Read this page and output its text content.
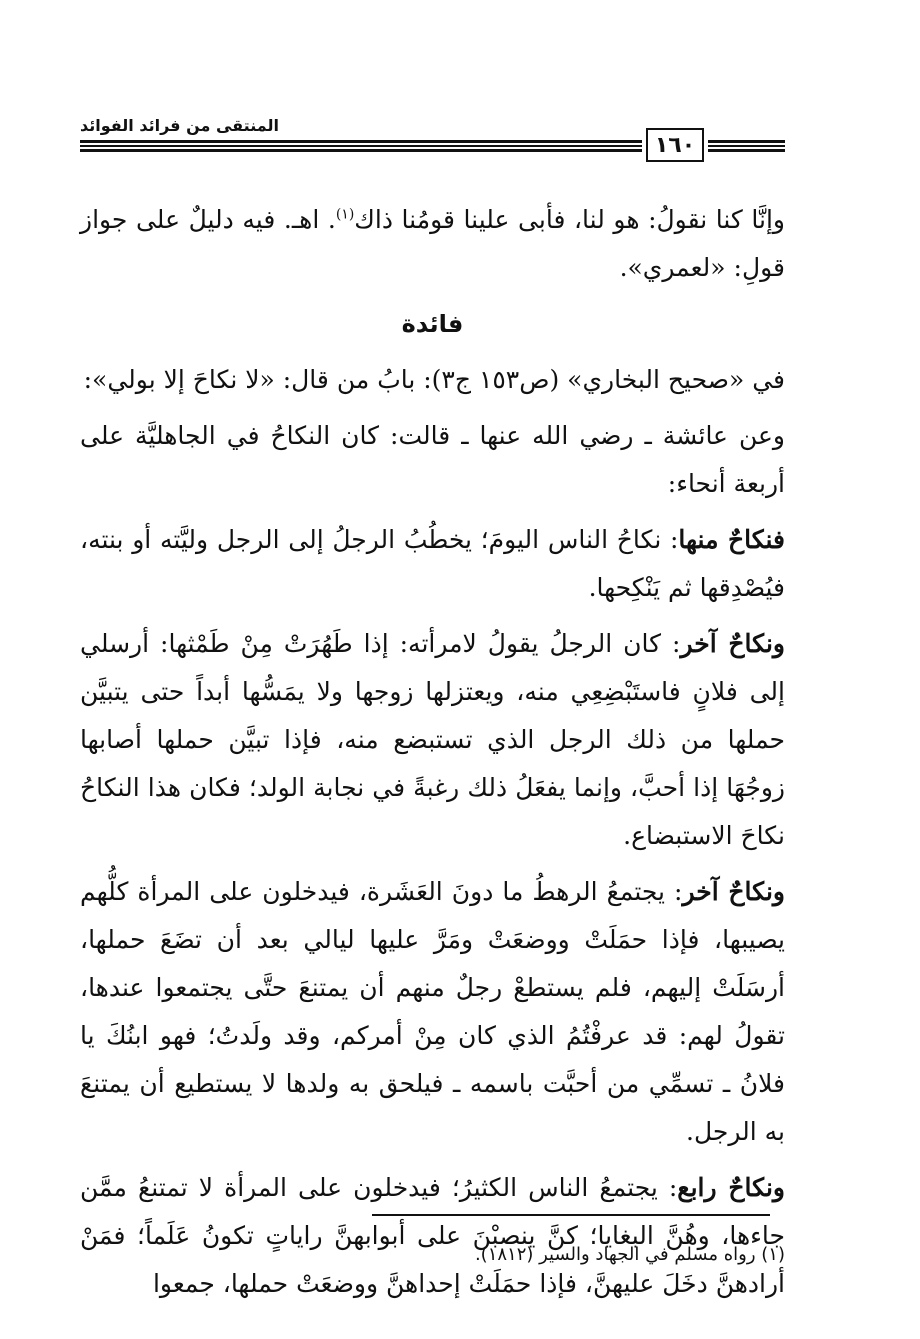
المنتقى من فرائد الفوائد
١٦٠

وإنَّا كنا نقولُ: هو لنا، فأبى علينا قومُنا ذاك$^{(١)}$. اهـ. فيه دليلٌ على جواز قولِ: «لعمري».

فائدة

في «صحيح البخاري» (ص١٥٣ ج٣): بابُ من قال: «لا نكاحَ إلا بولي»:

وعن عائشة ـ رضي الله عنها ـ قالت: كان النكاحُ في الجاهليَّة على أربعة أنحاء:

فنكاحٌ منها: نكاحُ الناس اليومَ؛ يخطُبُ الرجلُ إلى الرجل وليَّته أو بنته، فيُصْدِقها ثم يَنْكِحها.

ونكاحٌ آخر: كان الرجلُ يقولُ لامرأته: إذا طَهُرَتْ مِنْ طَمْثها: أرسلي إلى فلانٍ فاستَبْضِعِي منه، ويعتزلها زوجها ولا يمَسُّها أبداً حتى يتبيَّن حملها من ذلك الرجل الذي تستبضع منه، فإذا تبيَّن حملها أصابها زوجُهَا إذا أحبَّ، وإنما يفعَلُ ذلك رغبةً في نجابة الولد؛ فكان هذا النكاحُ نكاحَ الاستبضاع.

ونكاحٌ آخر: يجتمعُ الرهطُ ما دونَ العَشَرة، فيدخلون على المرأة كلُّهم يصيبها، فإذا حمَلَتْ ووضعَتْ ومَرَّ عليها ليالي بعد أن تضَعَ حملها، أرسَلَتْ إليهم، فلم يستطعْ رجلٌ منهم أن يمتنعَ حتَّى يجتمعوا عندها، تقولُ لهم: قد عرفْتُمُ الذي كان مِنْ أمركم، وقد ولَدتُ؛ فهو ابنُكَ يا فلانُ ـ تسمِّي من أحبَّت باسمه ـ فيلحق به ولدها لا يستطيع أن يمتنعَ به الرجل.

ونكاحٌ رابع: يجتمعُ الناس الكثيرُ؛ فيدخلون على المرأة لا تمتنعُ ممَّن جاءها، وهُنَّ البغايا؛ كنَّ ينصبْنَ على أبوابهنَّ راياتٍ تكونُ عَلَماً؛ فمَنْ أرادهنَّ دخَلَ عليهنَّ، فإذا حمَلَتْ إحداهنَّ ووضعَتْ حملها، جمعوا

(١) رواه مسلم في الجهاد والسير (١٨١٢).
